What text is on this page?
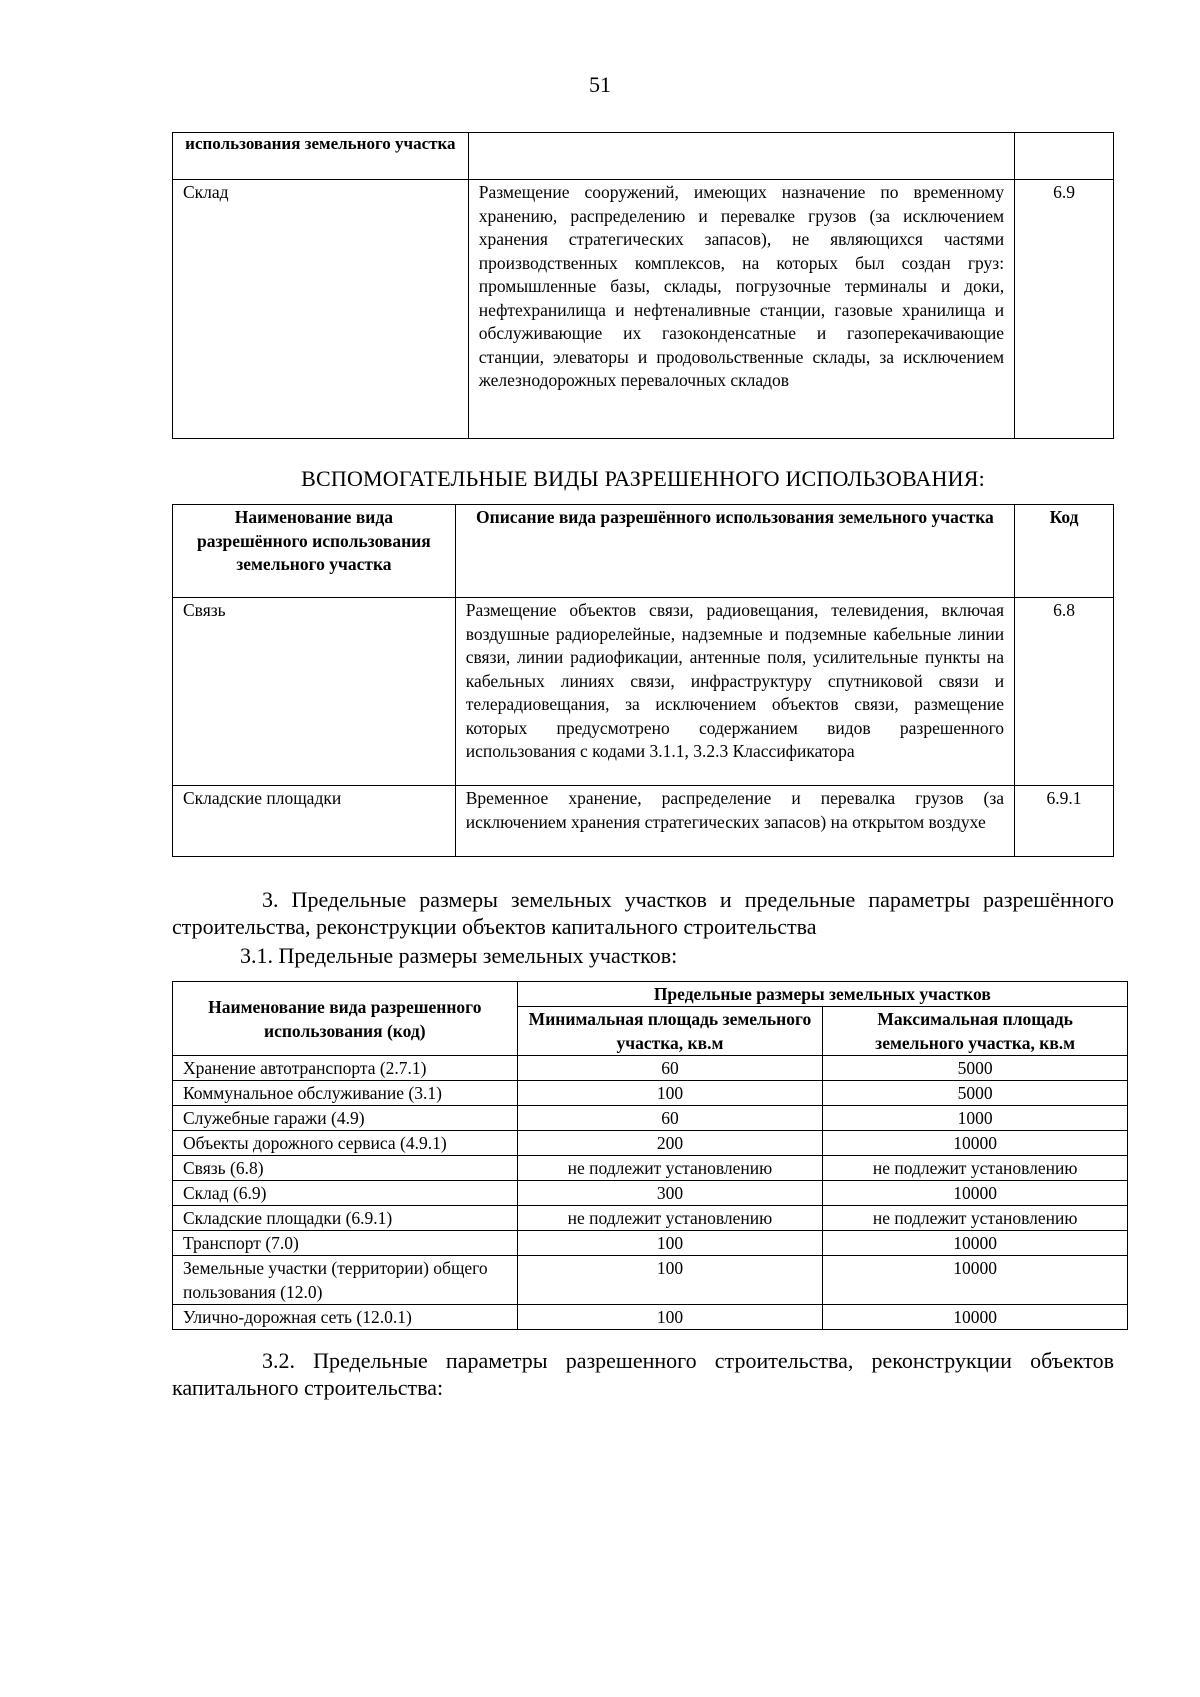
51
использования земельного участка		
Склад	Размещение сооружений, имеющих назначение по временному хранению, распределению и перевалке грузов (за исключением хранения стратегических запасов), не являющихся частями производственных комплексов, на которых был создан груз: промышленные базы, склады, погрузочные терминалы и доки, нефтехранилища и нефтеналивные станции, газовые хранилища и обслуживающие их газоконденсатные и газоперекачивающие станции, элеваторы и продовольственные склады, за исключением железнодорожных перевалочных складов	6.9
ВСПОМОГАТЕЛЬНЫЕ ВИДЫ РАЗРЕШЕННОГО ИСПОЛЬЗОВАНИЯ:
Наименование вида разрешённого использования земельного участка	Описание вида разрешённого использования земельного участка	Код
Связь	Размещение объектов связи, радиовещания, телевидения, включая воздушные радиорелейные, надземные и подземные кабельные линии связи, линии радиофикации, антенные поля, усилительные пункты на кабельных линиях связи, инфраструктуру спутниковой связи и телерадиовещания, за исключением объектов связи, размещение которых предусмотрено содержанием видов разрешенного использования с кодами 3.1.1, 3.2.3 Классификатора	6.8
Складские площадки	Временное хранение, распределение и перевалка грузов (за исключением хранения стратегических запасов) на открытом воздухе	6.9.1
3. Предельные размеры земельных участков и предельные параметры разрешённого строительства, реконструкции объектов капитального строительства
3.1. Предельные размеры земельных участков:
Наименование вида разрешенного использования (код)	Предельные размеры земельных участков	
	Минимальная площадь земельного участка, кв.м	Максимальная площадь земельного участка, кв.м
Хранение автотранспорта (2.7.1)	60	5000
Коммунальное обслуживание (3.1)	100	5000
Служебные гаражи (4.9)	60	1000
Объекты дорожного сервиса (4.9.1)	200	10000
Связь (6.8)	не подлежит установлению	не подлежит установлению
Склад (6.9)	300	10000
Складские площадки (6.9.1)	не подлежит установлению	не подлежит установлению
Транспорт (7.0)	100	10000
Земельные участки (территории) общего пользования (12.0)	100	10000
Улично-дорожная сеть (12.0.1)	100	10000
3.2. Предельные параметры разрешенного строительства, реконструкции объектов капитального строительства:
